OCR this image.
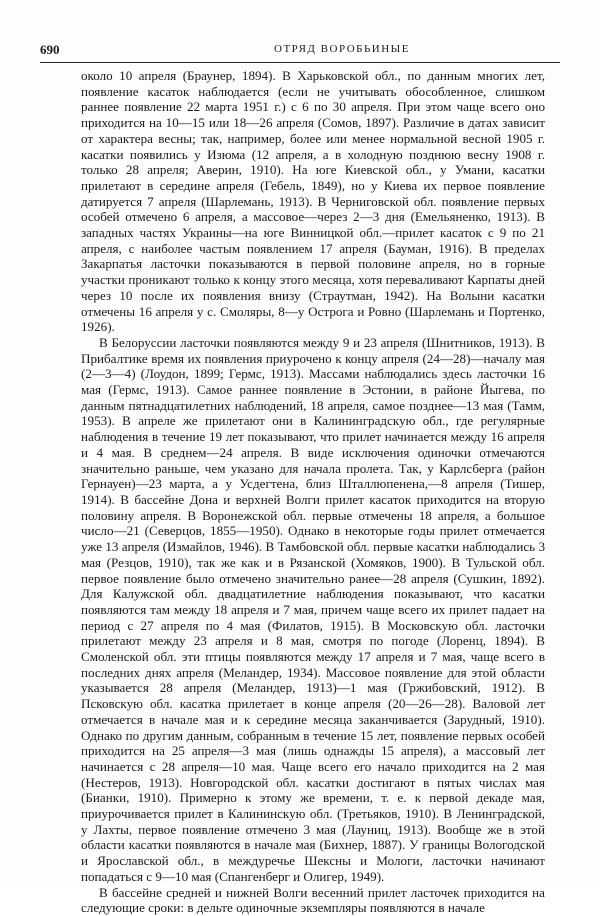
690	ОТРЯД ВОРОБЬИНЫЕ

около 10 апреля (Браунер, 1894). В Харьковской обл., по данным многих лет, появление касаток наблюдается (если не учитывать обособленное, слишком раннее появление 22 марта 1951 г.) с 6 по 30 апреля. При этом чаще всего оно приходится на 10—15 или 18—26 апреля (Сомов, 1897). Различие в датах зависит от характера весны; так, например, более или менее нормальной весной 1905 г. касатки появились у Изюма (12 апреля, а в холодную позднюю весну 1908 г. только 28 апреля; Аверин, 1910). На юге Киевской обл., у Умани, касатки прилетают в середине апреля (Гебель, 1849), но у Киева их первое появление датируется 7 апреля (Шарлемань, 1913). В Черниговской обл. появление первых особей отмечено 6 апреля, а массовое—через 2—3 дня (Емельяненко, 1913). В западных частях Украины—на юге Винницкой обл.—прилет касаток с 9 по 21 апреля, с наиболее частым появлением 17 апреля (Бауман, 1916). В пределах Закарпатья ласточки показываются в первой половине апреля, но в горные участки проникают только к концу этого месяца, хотя переваливают Карпаты дней через 10 после их появления внизу (Страутман, 1942). На Волыни касатки отмечены 16 апреля у с. Смоляры, 8—у Острога и Ровно (Шарлемань и Портенко, 1926).

В Белоруссии ласточки появляются между 9 и 23 апреля (Шнитников, 1913). В Прибалтике время их появления приурочено к концу апреля (24—28)—началу мая (2—3—4) (Лоудон, 1899; Гермс, 1913). Массами наблюдались здесь ласточки 16 мая (Гермс, 1913). Самое раннее появление в Эстонии, в районе Йыгева, по данным пятнадцатилетних наблюдений, 18 апреля, самое позднее—13 мая (Тамм, 1953). В апреле же прилетают они в Калининградскую обл., где регулярные наблюдения в течение 19 лет показывают, что прилет начинается между 16 апреля и 4 мая. В среднем—24 апреля. В виде исключения одиночки отмечаются значительно раньше, чем указано для начала пролета. Так, у Карлсберга (район Гернауен)—23 марта, а у Усдегтена, близ Шталлюпенена,—8 апреля (Тишер, 1914). В бассейне Дона и верхней Волги прилет касаток приходится на вторую половину апреля. В Воронежской обл. первые отмечены 18 апреля, а большое число—21 (Северцов, 1855—1950). Однако в некоторые годы прилет отмечается уже 13 апреля (Измайлов, 1946). В Тамбовской обл. первые касатки наблюдались 3 мая (Резцов, 1910), так же как и в Рязанской (Хомяков, 1900). В Тульской обл. первое появление было отмечено значительно ранее—28 апреля (Сушкин, 1892). Для Калужской обл. двадцатилетние наблюдения показывают, что касатки появляются там между 18 апреля и 7 мая, причем чаще всего их прилет падает на период с 27 апреля по 4 мая (Филатов, 1915). В Московскую обл. ласточки прилетают между 23 апреля и 8 мая, смотря по погоде (Лоренц, 1894). В Смоленской обл. эти птицы появляются между 17 апреля и 7 мая, чаще всего в последних днях апреля (Меландер, 1934). Массовое появление для этой области указывается 28 апреля (Меландер, 1913)—1 мая (Гржибовский, 1912). В Псковскую обл. касатка прилетает в конце апреля (20—26—28). Валовой лет отмечается в начале мая и к середине месяца заканчивается (Зарудный, 1910). Однако по другим данным, собранным в течение 15 лет, появление первых особей приходится на 25 апреля—3 мая (лишь однажды 15 апреля), а массовый лет начинается с 28 апреля—10 мая. Чаще всего его начало приходится на 2 мая (Нестеров, 1913). Новгородской обл. касатки достигают в пятых числах мая (Бианки, 1910). Примерно к этому же времени, т. е. к первой декаде мая, приурочивается прилет в Калининскую обл. (Третьяков, 1910). В Ленинградской, у Лахты, первое появление отмечено 3 мая (Лауниц, 1913). Вообще же в этой области касатки появляются в начале мая (Бихнер, 1887). У границы Вологодской и Ярославской обл., в междуречье Шексны и Мологи, ласточки начинают попадаться с 9—10 мая (Спангенберг и Олигер, 1949).

В бассейне средней и нижней Волги весенний прилет ласточек приходится на следующие сроки: в дельте одиночные экземпляры появляются в начале
